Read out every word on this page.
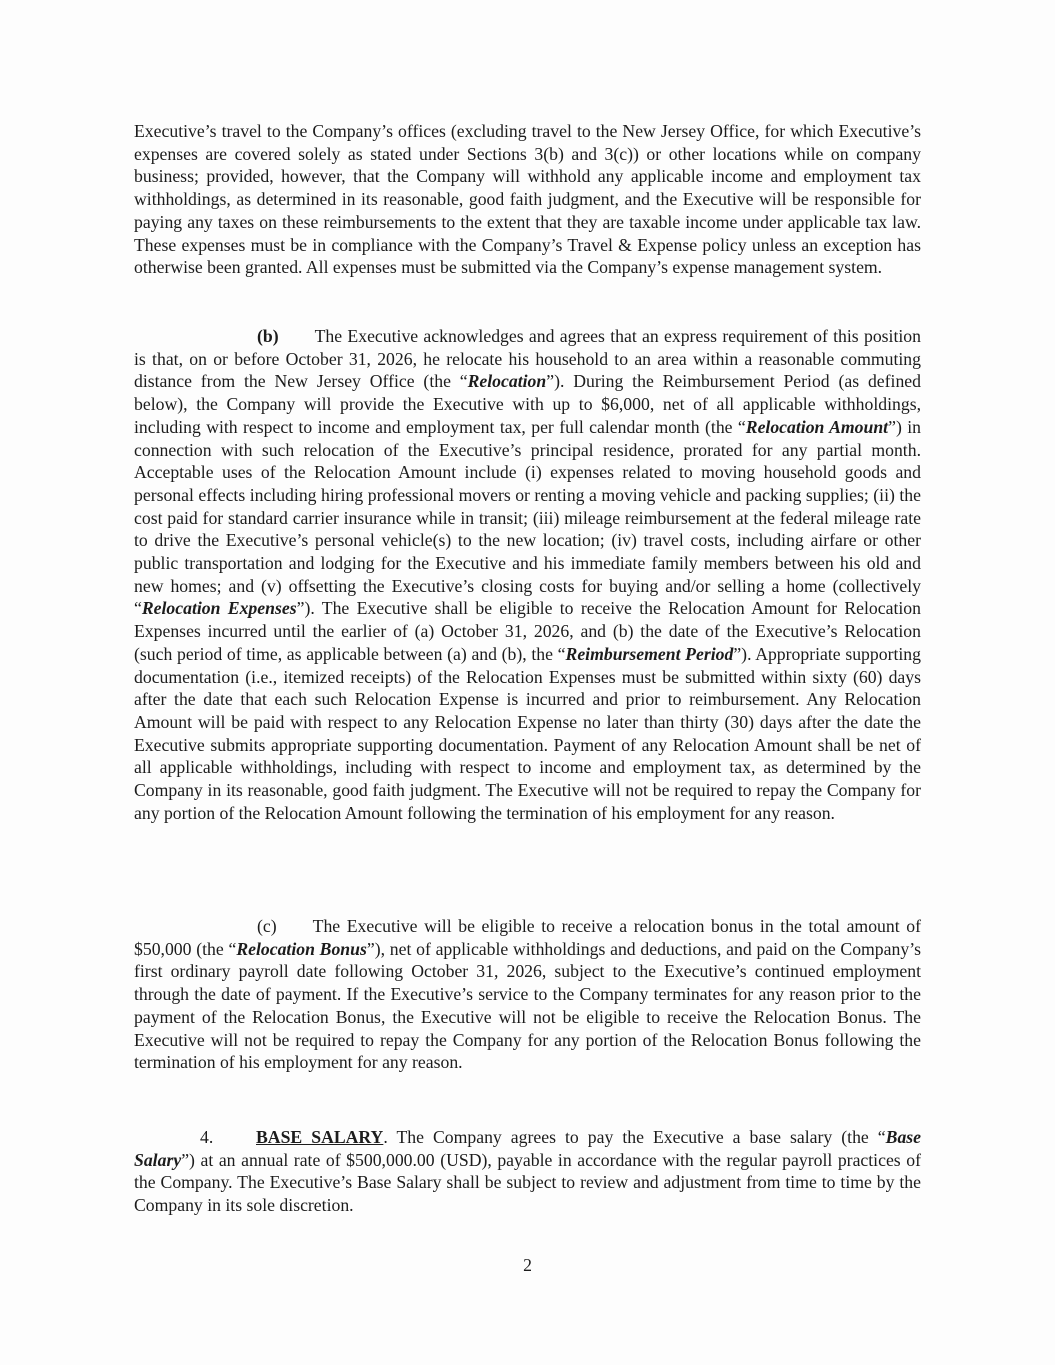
Executive’s travel to the Company’s offices (excluding travel to the New Jersey Office, for which Executive’s expenses are covered solely as stated under Sections 3(b) and 3(c)) or other locations while on company business; provided, however, that the Company will withhold any applicable income and employment tax withholdings, as determined in its reasonable, good faith judgment, and the Executive will be responsible for paying any taxes on these reimbursements to the extent that they are taxable income under applicable tax law. These expenses must be in compliance with the Company’s Travel & Expense policy unless an exception has otherwise been granted. All expenses must be submitted via the Company’s expense management system.

(b) The Executive acknowledges and agrees that an express requirement of this position is that, on or before October 31, 2026, he relocate his household to an area within a reasonable commuting distance from the New Jersey Office (the “Relocation”). During the Reimbursement Period (as defined below), the Company will provide the Executive with up to $6,000, net of all applicable withholdings, including with respect to income and employment tax, per full calendar month (the “Relocation Amount”) in connection with such relocation of the Executive’s principal residence, prorated for any partial month. Acceptable uses of the Relocation Amount include (i) expenses related to moving household goods and personal effects including hiring professional movers or renting a moving vehicle and packing supplies; (ii) the cost paid for standard carrier insurance while in transit; (iii) mileage reimbursement at the federal mileage rate to drive the Executive’s personal vehicle(s) to the new location; (iv) travel costs, including airfare or other public transportation and lodging for the Executive and his immediate family members between his old and new homes; and (v) offsetting the Executive’s closing costs for buying and/or selling a home (collectively “Relocation Expenses”). The Executive shall be eligible to receive the Relocation Amount for Relocation Expenses incurred until the earlier of (a) October 31, 2026, and (b) the date of the Executive’s Relocation (such period of time, as applicable between (a) and (b), the “Reimbursement Period”). Appropriate supporting documentation (i.e., itemized receipts) of the Relocation Expenses must be submitted within sixty (60) days after the date that each such Relocation Expense is incurred and prior to reimbursement. Any Relocation Amount will be paid with respect to any Relocation Expense no later than thirty (30) days after the date the Executive submits appropriate supporting documentation. Payment of any Relocation Amount shall be net of all applicable withholdings, including with respect to income and employment tax, as determined by the Company in its reasonable, good faith judgment. The Executive will not be required to repay the Company for any portion of the Relocation Amount following the termination of his employment for any reason.

(c) The Executive will be eligible to receive a relocation bonus in the total amount of $50,000 (the “Relocation Bonus”), net of applicable withholdings and deductions, and paid on the Company’s first ordinary payroll date following October 31, 2026, subject to the Executive’s continued employment through the date of payment. If the Executive’s service to the Company terminates for any reason prior to the payment of the Relocation Bonus, the Executive will not be eligible to receive the Relocation Bonus. The Executive will not be required to repay the Company for any portion of the Relocation Bonus following the termination of his employment for any reason.

4. BASE SALARY. The Company agrees to pay the Executive a base salary (the “Base Salary”) at an annual rate of $500,000.00 (USD), payable in accordance with the regular payroll practices of the Company. The Executive’s Base Salary shall be subject to review and adjustment from time to time by the Company in its sole discretion.

2
